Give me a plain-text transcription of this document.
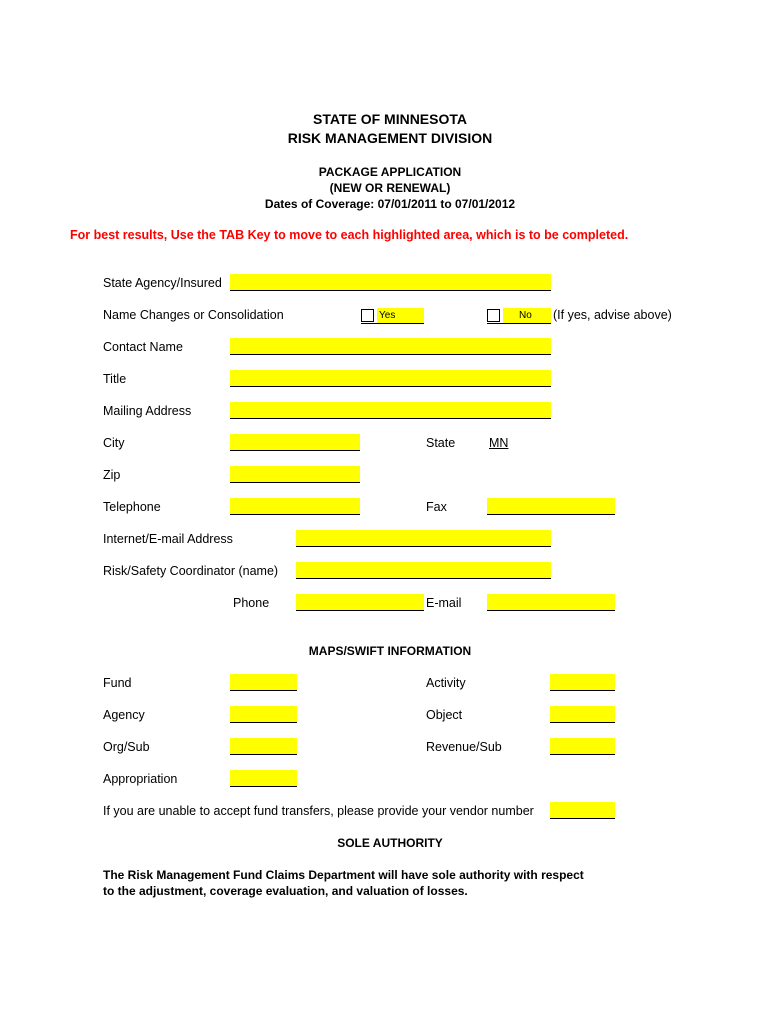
STATE OF MINNESOTA
RISK MANAGEMENT DIVISION
PACKAGE APPLICATION
(NEW OR RENEWAL)
Dates of Coverage: 07/01/2011 to 07/01/2012
For best results, Use the TAB Key to move to each highlighted area, which is to be completed.
State Agency/Insured
Name Changes or Consolidation	Yes	No	(If yes, advise above)
Contact Name
Title
Mailing Address
City	State	MN
Zip
Telephone	Fax
Internet/E-mail Address
Risk/Safety Coordinator (name)
Phone	E-mail
MAPS/SWIFT INFORMATION
Fund	Activity
Agency	Object
Org/Sub	Revenue/Sub
Appropriation
If you are unable to accept fund transfers, please provide your vendor number
SOLE AUTHORITY
The Risk Management Fund Claims Department will have sole authority with respect
to the adjustment, coverage evaluation, and valuation of losses.
